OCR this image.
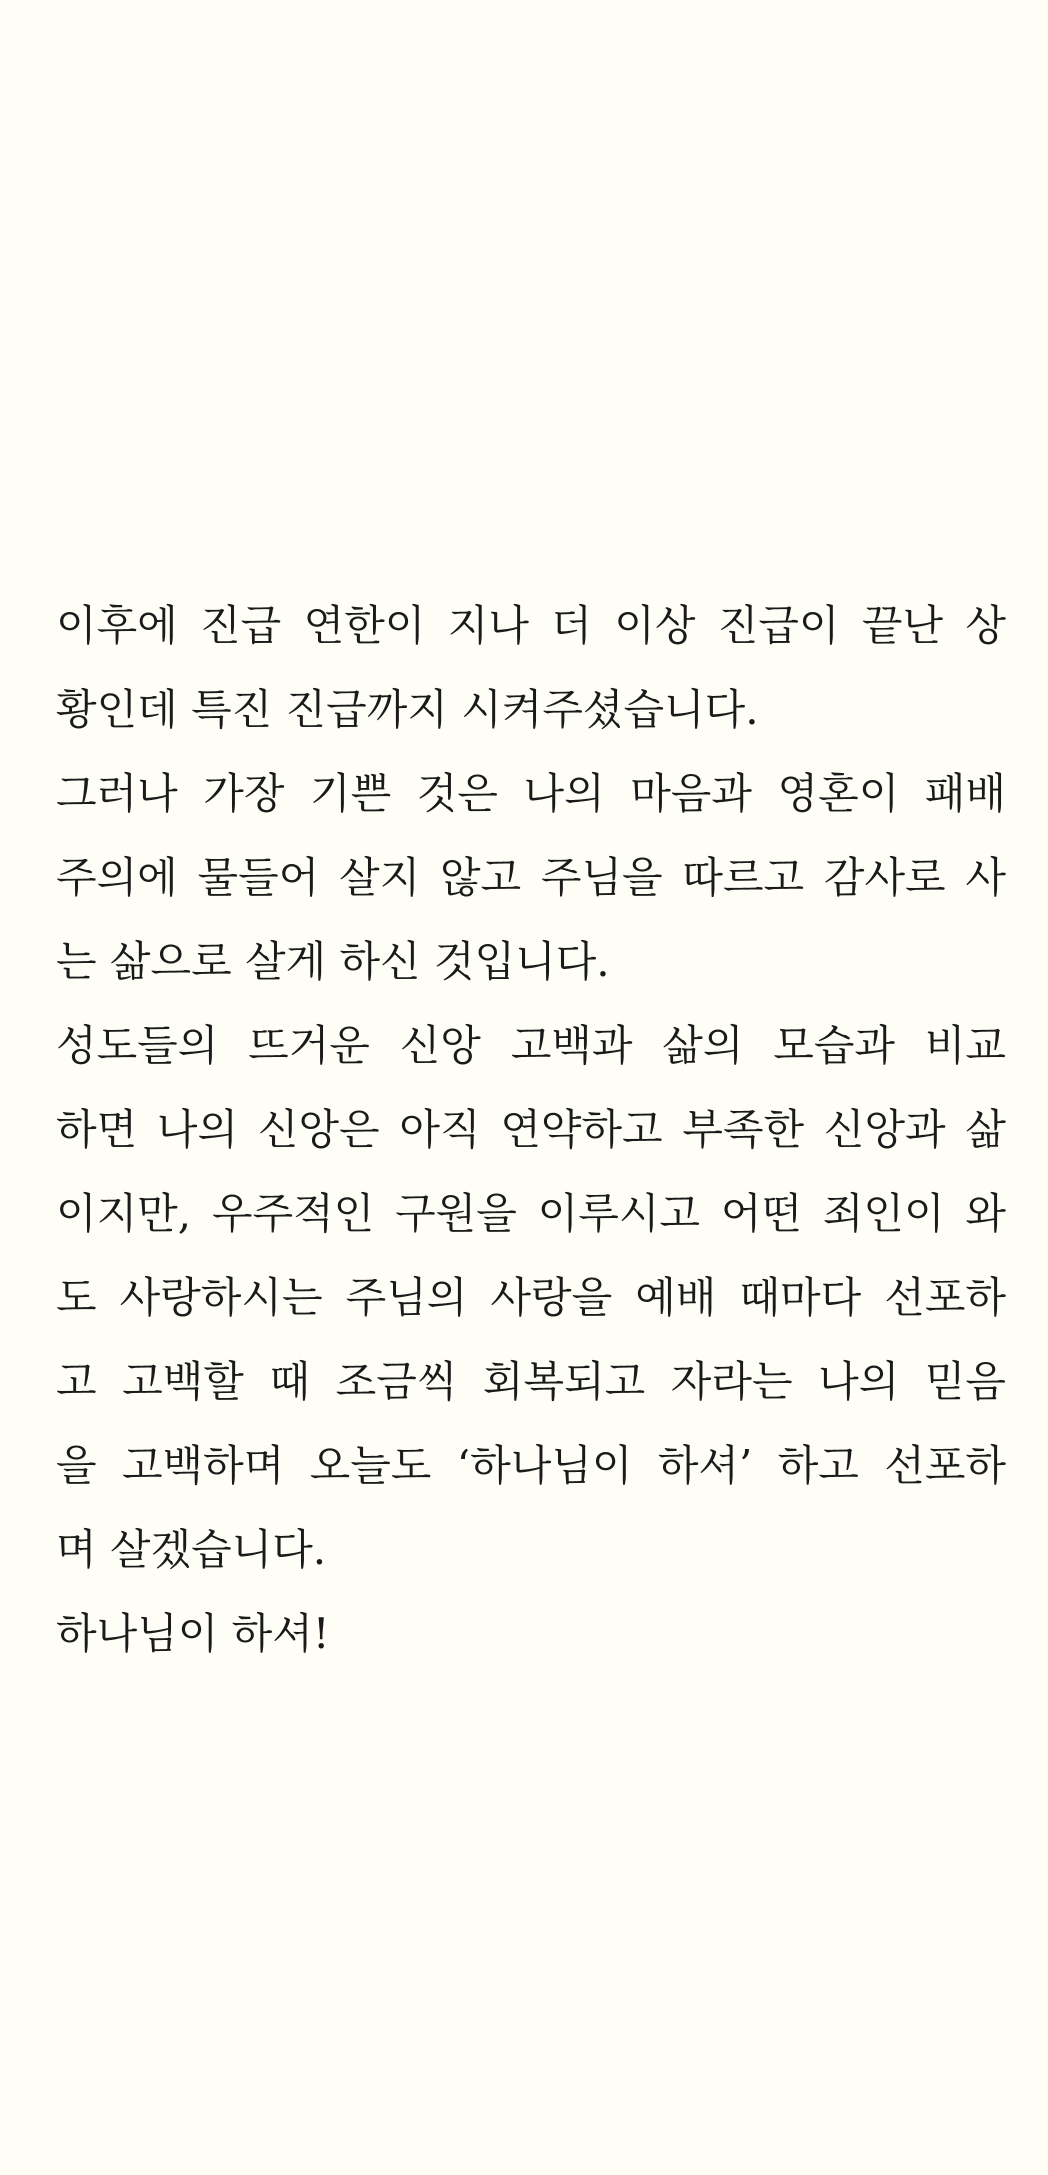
이후에 진급 연한이 지나 더 이상 진급이 끝난 상
황인데 특진 진급까지 시켜주셨습니다.
그러나 가장 기쁜 것은 나의 마음과 영혼이 패배
주의에 물들어 살지 않고 주님을 따르고 감사로 사
는 삶으로 살게 하신 것입니다.
성도들의 뜨거운 신앙 고백과 삶의 모습과 비교
하면 나의 신앙은 아직 연약하고 부족한 신앙과 삶
이지만, 우주적인 구원을 이루시고 어떤 죄인이 와
도 사랑하시는 주님의 사랑을 예배 때마다 선포하
고 고백할 때 조금씩 회복되고 자라는 나의 믿음
을 고백하며 오늘도 ‘하나님이 하셔’ 하고 선포하
며 살겠습니다.
하나님이 하셔!
